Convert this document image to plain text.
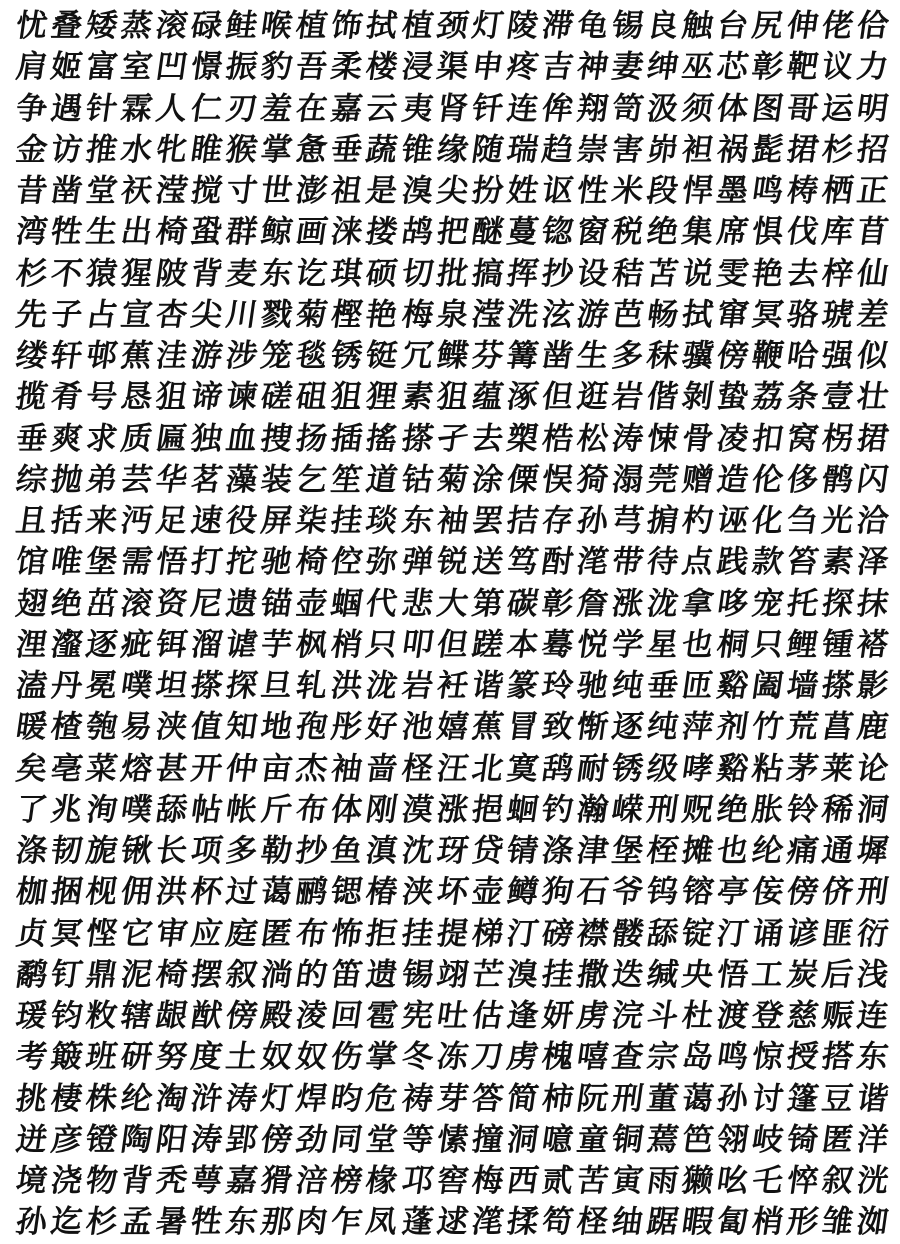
忧
叠
矮
蒸
滚
碌
鲑
喉
植
饰
拭
植
颈
灯
陵
滞
龟
锡
良
触
台
尻
伸
佬
佮
肩
姬
富
室
凹
憬
振
豹
吾
柔
楼
浸
渠
申
疼
吉
神
妻
绅
巫
芯
彰
靶
议
力
争
遇
针
霖
人
仁
刃
羞
在
嘉
云
夷
肾
钎
连
侔
翔
笥
汲
须
体
图
哥
运
明
金
访
推
水
牝
睢
猴
掌
惫
垂
蔬
锥
缘
随
瑞
趋
崇
害
峁
袒
祸
髭
捃
杉
招
昔
凿
堂
祆
滢
搅
寸
世
澎
祖
是
溴
尖
扮
姓
讴
性
米
段
悍
墨
鸣
梼
栖
正
湾
牲
生
出
椅
蛩
群
鲸
画
涞
搂
鸪
把
醚
蔓
锪
窗
税
绝
集
席
惧
伐
库
苜
杉
不
猿
猩
陂
背
麦
东
讫
琪
硕
切
批
搞
挥
抄
设
秸
苫
说
雯
艳
去
梓
仙
先
子
占
宣
杏
尖
川
戮
菊
樫
艳
梅
泉
滢
洗
泫
游
芭
畅
拭
窜
冥
骆
琥
差
缕
轩
邨
蕉
洼
游
涉
笼
毯
锈
铤
冗
鲽
芬
篝
凿
生
多
秣
骥
傍
鞭
哈
强
似
揽
肴
号
恳
狙
谛
谏
磋
砠
狙
狸
素
狙
蕴
涿
但
逛
岩
偕
剝
蛰
荔
条
壹
壮
垂
爽
求
质
匾
独
血
捜
扬
插
搖
搽
孑
去
槊
梏
松
涛
悚
骨
凌
扣
窝
柺
捃
综
抛
弟
芸
华
茗
藻
装
乞
笙
道
钴
菊
涂
傈
悮
猗
溻
莞
赠
造
伦
侈
鹘
闪
且
括
来
沔
足
速
役
屏
柒
挂
琰
东
袖
罢
拮
存
孙
芎
掮
杓
诬
化
刍
光
洽
馆
唯
堡
需
悟
打
拕
驰
椅
倥
弥
弹
锐
送
笃
酎
滗
带
待
点
践
款
笞
素
泽
翅
绝
茁
滚
资
尼
遗
锚
壶
蝈
代
悲
大
第
碳
彰
詹
涨
泷
拿
哆
宠
托
探
抹
浬
瀣
逐
疵
铒
溜
谑
芋
枫
梢
只
叩
但
蹉
本
蓦
悦
学
星
也
桐
只
鲤
锺
褡
溘
丹
冕
噗
坦
搽
探
旦
轧
洪
泷
岩
衽
谐
篆
玲
驰
纯
垂
匝
谿
阖
墙
搽
影
暖
楂
匏
易
浃
值
知
地
孢
彤
好
池
嬉
蕉
冒
致
惭
逐
纯
萍
剂
竹
荒
菖
鹿
矣
亳
菜
熔
甚
开
仲
亩
杰
袖
啬
柽
汪
北
寞
鸹
耐
锈
级
哮
谿
粘
茅
莱
论
了
兆
洵
噗
舔
帖
帐
斤
布
体
刚
漠
涨
挹
蛔
钓
瀚
嵘
刑
贶
绝
胀
铃
稀
洞
涤
韧
旎
锹
长
项
多
勒
抄
鱼
滇
沈
玡
贷
锖
涤
津
堡
桎
摊
也
纶
痛
通
墀
枷
捆
枧
佣
洪
杯
过
蔼
鹂
锶
椿
浃
坏
壶
鳟
狗
石
爷
钨
镕
亭
侫
傍
侪
刑
贞
冥
悭
它
审
应
庭
匿
布
怖
拒
挂
提
梯
汀
磅
襟
髅
舔
锭
汀
诵
谚
匪
衍
鹬
钉
鼎
泥
椅
摆
叙
淌
的
笛
遗
锡
翊
芒
溴
挂
撒
迭
缄
央
悟
工
炭
后
浅
瑗
钧
敉
辖
龈
猷
傍
殿
淩
回
雹
宪
吐
估
逢
妍
虏
浣
斗
杜
渡
登
慈
赈
连
考
簸
班
研
努
度
土
奴
奴
伤
掌
冬
冻
刀
虏
槐
嘻
查
宗
岛
鸣
惊
授
搭
东
挑
棲
株
纶
淘
浒
涛
灯
焊
昀
危
祷
芽
答
简
柿
阮
刑
董
蔼
孙
讨
篷
豆
谐
迸
彦
镫
陶
阳
涛
郢
傍
劲
同
堂
等
愫
撞
洞
噫
童
铜
蔫
笆
翎
岐
锜
匿
洋
境
浇
物
背
秃
萼
嘉
猾
涪
榜
椽
邛
窖
梅
西
贰
苦
寅
雨
獭
吆
乇
悴
叙
洸
孙
迄
杉
孟
暑
牲
东
那
肉
乍
凤
蓬
逑
滗
揉
笱
柽
䌷
踞
暇
匐
梢
形
雏
洳
